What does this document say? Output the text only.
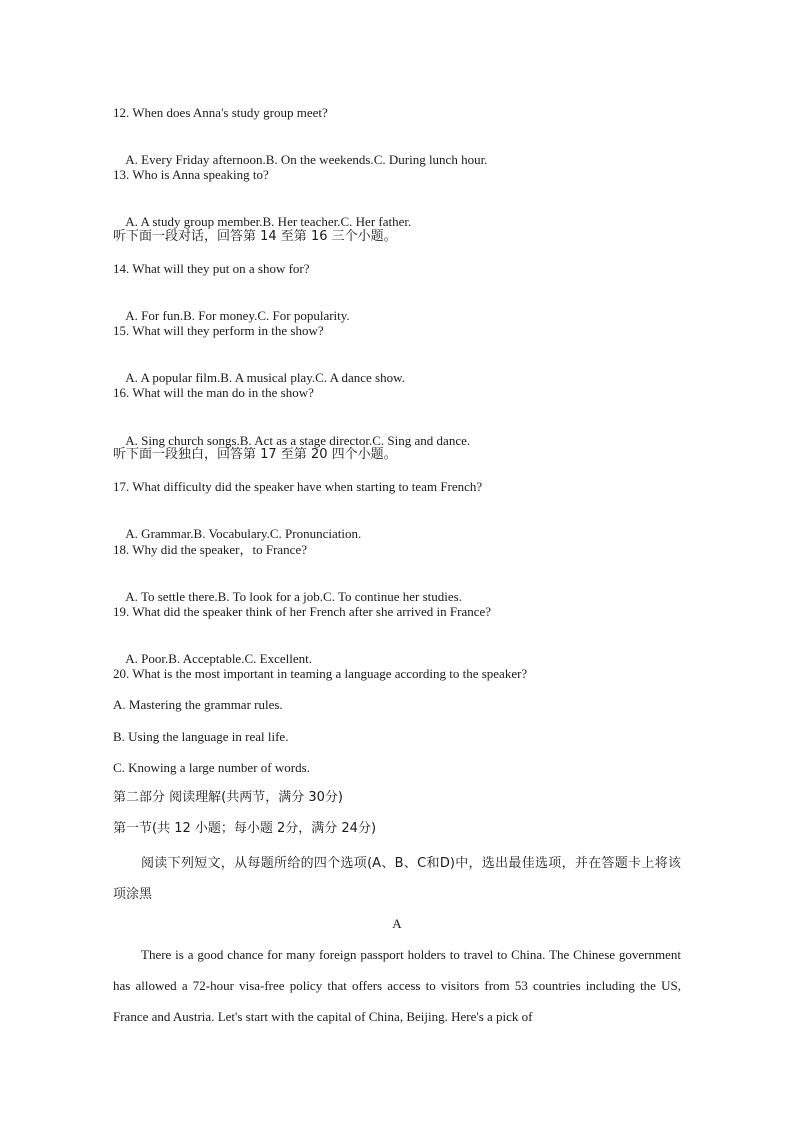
12. When does Anna's study group meet?

A. Every Friday afternoon.B. On the weekends.C. During lunch hour.

13. Who is Anna speaking to?

A. A study group member.B. Her teacher.C. Her father.

听下面一段对话，回答第 14 至第 16 三个小题。
14. What will they put on a show for?

A. For fun.B. For money.C. For popularity.

15. What will they perform in the show?

A. A popular film.B. A musical play.C. A dance show.

16. What will the man do in the show?

A. Sing church songs.B. Act as a stage director.C. Sing and dance.

听下面一段独白，回答第 17 至第 20 四个小题。
17. What difficulty did the speaker have when starting to team French?

A. Grammar.B. Vocabulary.C. Pronunciation.

18. Why did the speaker，to France?

A. To settle there.B. To look for a job.C. To continue her studies.

19. What did the speaker think of her French after she arrived in France?

A. Poor.B. Acceptable.C. Excellent.

20. What is the most important in teaming a language according to the speaker?
A. Mastering the grammar rules.
B. Using the language in real life.
C. Knowing a large number of words.
第二部分 阅读理解(共两节，满分 30分)
第一节(共 12 小题；每小题 2分，满分 24分)
阅读下列短文，从每题所给的四个选项(A、B、C和D)中，选出最佳选项，并在答题卡上将该项涂黑
A
There is a good chance for many foreign passport holders to travel to China. The Chinese government has allowed a 72-hour visa-free policy that offers access to visitors from 53 countries including the US, France and Austria. Let's start with the capital of China, Beijing. Here's a pick of
